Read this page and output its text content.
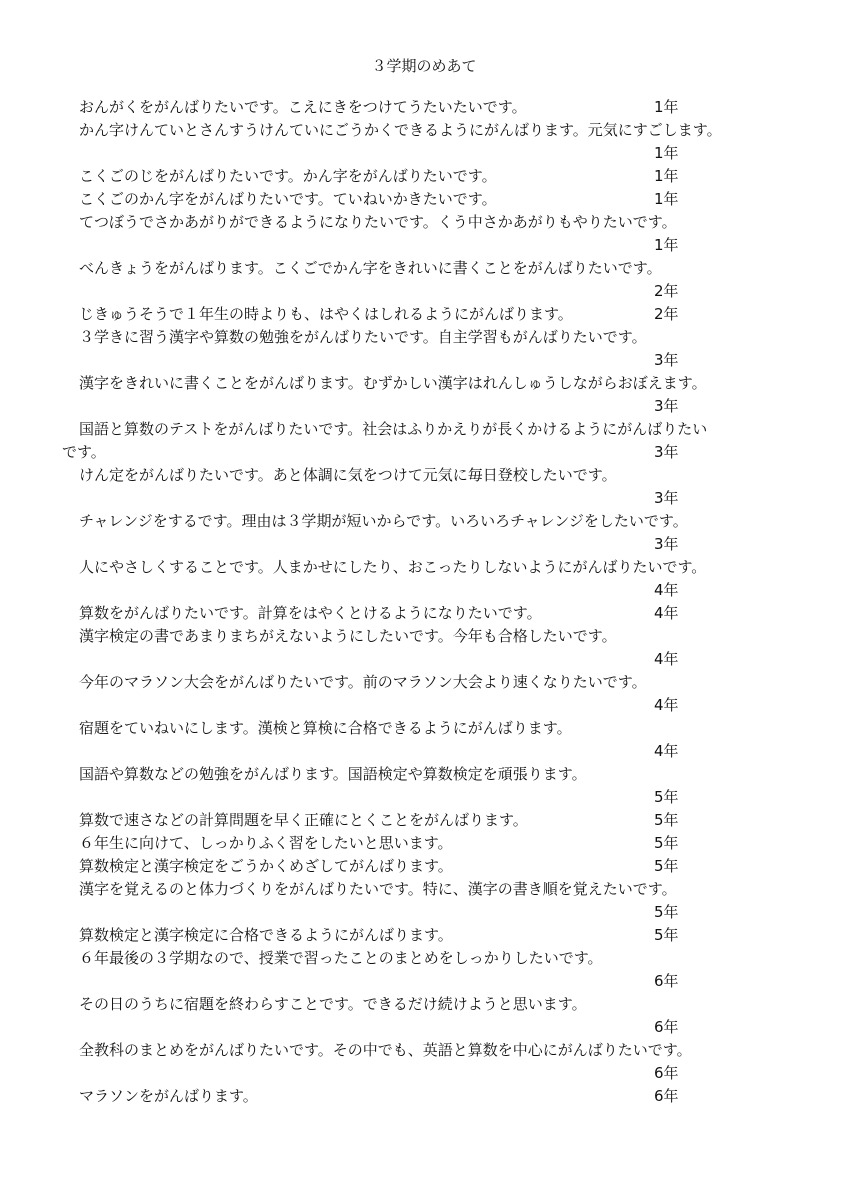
３学期のめあて
おんがくをがんばりたいです。こえにきをつけてうたいたいです。	1年
かん字けんていとさんすうけんていにごうかくできるようにがんばります。元気にすごします。
1年
こくごのじをがんばりたいです。かん字をがんばりたいです。	1年
こくごのかん字をがんばりたいです。ていねいかきたいです。	1年
てつぼうでさかあがりができるようになりたいです。くう中さかあがりもやりたいです。
1年
べんきょうをがんばります。こくごでかん字をきれいに書くことをがんばりたいです。
2年
じきゅうそうで１年生の時よりも、はやくはしれるようにがんばります。	2年
３学きに習う漢字や算数の勉強をがんばりたいです。自主学習もがんばりたいです。
3年
漢字をきれいに書くことをがんばります。むずかしい漢字はれんしゅうしながらおぼえます。
3年
国語と算数のテストをがんばりたいです。社会はふりかえりが長くかけるようにがんばりたい
です。	3年
けん定をがんばりたいです。あと体調に気をつけて元気に毎日登校したいです。
3年
チャレンジをするです。理由は３学期が短いからです。いろいろチャレンジをしたいです。
3年
人にやさしくすることです。人まかせにしたり、おこったりしないようにがんばりたいです。
4年
算数をがんばりたいです。計算をはやくとけるようになりたいです。	4年
漢字検定の書であまりまちがえないようにしたいです。今年も合格したいです。
4年
今年のマラソン大会をがんばりたいです。前のマラソン大会より速くなりたいです。
4年
宿題をていねいにします。漢検と算検に合格できるようにがんばります。
4年
国語や算数などの勉強をがんばります。国語検定や算数検定を頑張ります。
5年
算数で速さなどの計算問題を早く正確にとくことをがんばります。	5年
６年生に向けて、しっかりふく習をしたいと思います。	5年
算数検定と漢字検定をごうかくめざしてがんばります。	5年
漢字を覚えるのと体力づくりをがんばりたいです。特に、漢字の書き順を覚えたいです。
5年
算数検定と漢字検定に合格できるようにがんばります。	5年
６年最後の３学期なので、授業で習ったことのまとめをしっかりしたいです。
6年
その日のうちに宿題を終わらすことです。できるだけ続けようと思います。
6年
全教科のまとめをがんばりたいです。その中でも、英語と算数を中心にがんばりたいです。
6年
マラソンをがんばります。	6年
